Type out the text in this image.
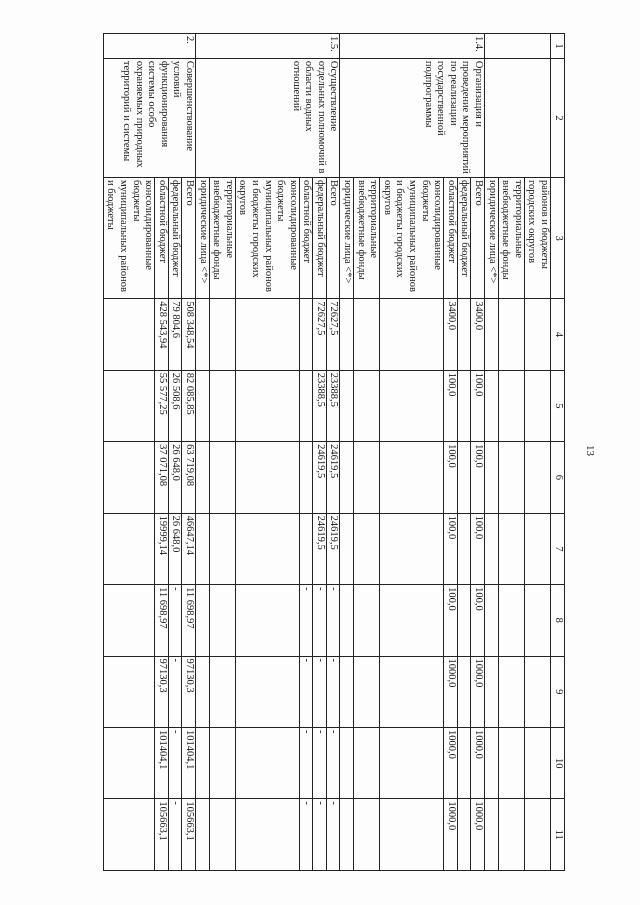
13
1	2	3	4	5	6	7	8	9	10	11
		районов и бюджеты городских округов								
		территориальные внебюджетные фонды								
		юридические лица <*>								
1.4.	Организация и проведение мероприятий по реализации государственной подпрограммы	Всего	3400,0	100,0	100,0	100,0	100,0	1000,0	1000,0	1000,0
		федеральный бюджет								
		областной бюджет	3400,0	100,0	100,0	100,0	100,0	1000,0	1000,0	1000,0
		консолидированные бюджеты муниципальных районов и бюджеты городских округов								
		территориальные внебюджетные фонды								
		юридические лица <*>								
1.5.	Осуществление отдельных полномочий в области водных отношений	Всего	72627,5	23388,5	24619,5	24619,5	-	-	-	-
		федеральный бюджет	72627,5	23388,5	24619,5	24619,5	-	-	-	-
		областной бюджет					-	-	-	-
		консолидированные бюджеты муниципальных районов и бюджеты городских округов								
		территориальные внебюджетные фонды								
		юридические лица <*>								
2.	Совершенствование условий функционирования системы особо охраняемых природных территорий и системы	Всего	508 348,54	82 085,85	63 719,08	46647,14	11 698,97	97130,3	101404,1	105663,1
		федеральный бюджет	79 804,6	26 508,6	26 648,0	26 648,0	-	-	-	-
		областной бюджет	428 543,94	55 577,25	37 071,08	19999,14	11 698,97	97130,3	101404,1	105663,1
		консолидированные бюджеты муниципальных районов и бюджеты								
